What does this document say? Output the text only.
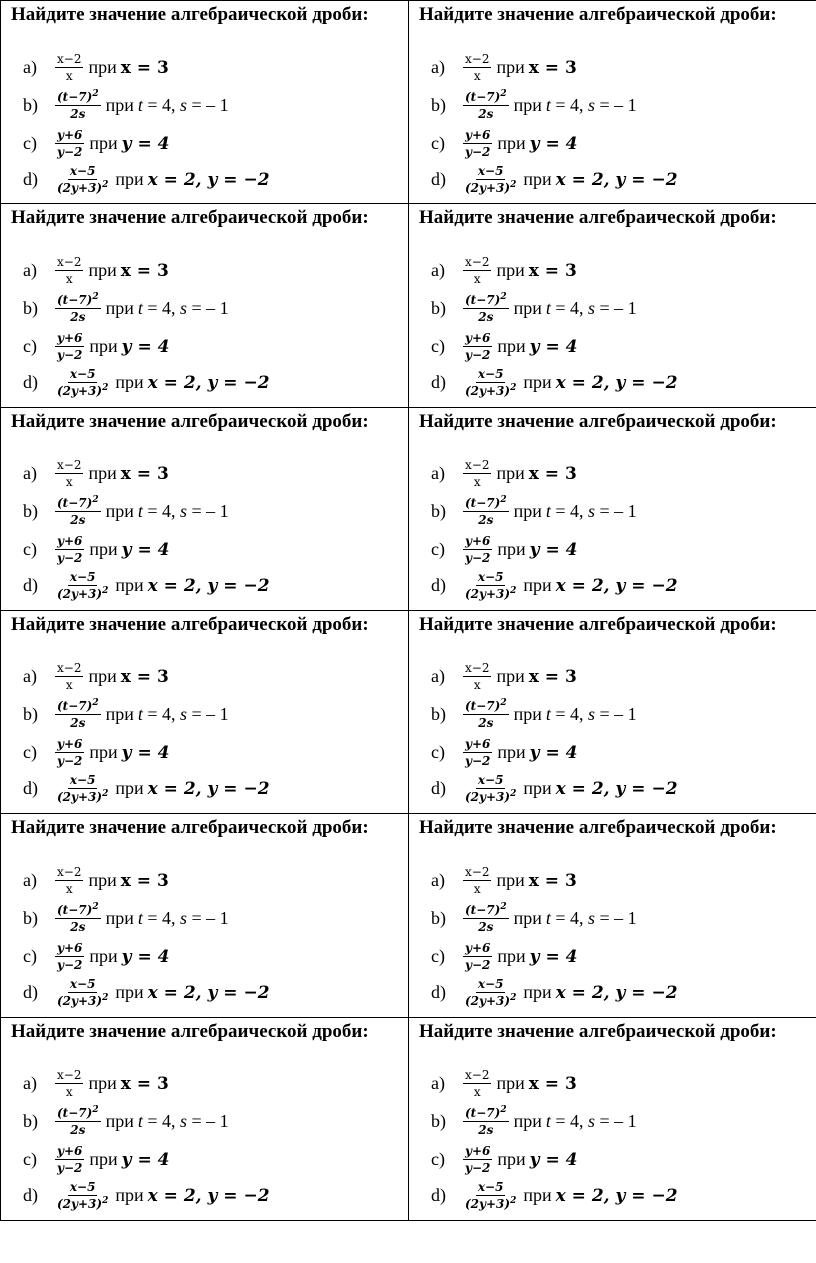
Найдите значение алгебраической дроби:

a)	$\frac{x-2}{x}$ при x = 3
b)	$\frac{(t-7)^2}{2s}$ при t = 4, s = – 1
c)	$\frac{y+6}{y-2}$ при y = 4
d)	$\frac{x-5}{(2y+3)^2}$ при x = 2, y = −2

Найдите значение алгебраической дроби:

a)	$\frac{x-2}{x}$ при x = 3
b)	$\frac{(t-7)^2}{2s}$ при t = 4, s = – 1
c)	$\frac{y+6}{y-2}$ при y = 4
d)	$\frac{x-5}{(2y+3)^2}$ при x = 2, y = −2

Найдите значение алгебраической дроби:

a)	$\frac{x-2}{x}$ при x = 3
b)	$\frac{(t-7)^2}{2s}$ при t = 4, s = – 1
c)	$\frac{y+6}{y-2}$ при y = 4
d)	$\frac{x-5}{(2y+3)^2}$ при x = 2, y = −2

Найдите значение алгебраической дроби:

a)	$\frac{x-2}{x}$ при x = 3
b)	$\frac{(t-7)^2}{2s}$ при t = 4, s = – 1
c)	$\frac{y+6}{y-2}$ при y = 4
d)	$\frac{x-5}{(2y+3)^2}$ при x = 2, y = −2

Найдите значение алгебраической дроби:

a)	$\frac{x-2}{x}$ при x = 3
b)	$\frac{(t-7)^2}{2s}$ при t = 4, s = – 1
c)	$\frac{y+6}{y-2}$ при y = 4
d)	$\frac{x-5}{(2y+3)^2}$ при x = 2, y = −2

Найдите значение алгебраической дроби:

a)	$\frac{x-2}{x}$ при x = 3
b)	$\frac{(t-7)^2}{2s}$ при t = 4, s = – 1
c)	$\frac{y+6}{y-2}$ при y = 4
d)	$\frac{x-5}{(2y+3)^2}$ при x = 2, y = −2

Найдите значение алгебраической дроби:

a)	$\frac{x-2}{x}$ при x = 3
b)	$\frac{(t-7)^2}{2s}$ при t = 4, s = – 1
c)	$\frac{y+6}{y-2}$ при y = 4
d)	$\frac{x-5}{(2y+3)^2}$ при x = 2, y = −2

Найдите значение алгебраической дроби:

a)	$\frac{x-2}{x}$ при x = 3
b)	$\frac{(t-7)^2}{2s}$ при t = 4, s = – 1
c)	$\frac{y+6}{y-2}$ при y = 4
d)	$\frac{x-5}{(2y+3)^2}$ при x = 2, y = −2

Найдите значение алгебраической дроби:

a)	$\frac{x-2}{x}$ при x = 3
b)	$\frac{(t-7)^2}{2s}$ при t = 4, s = – 1
c)	$\frac{y+6}{y-2}$ при y = 4
d)	$\frac{x-5}{(2y+3)^2}$ при x = 2, y = −2

Найдите значение алгебраической дроби:

a)	$\frac{x-2}{x}$ при x = 3
b)	$\frac{(t-7)^2}{2s}$ при t = 4, s = – 1
c)	$\frac{y+6}{y-2}$ при y = 4
d)	$\frac{x-5}{(2y+3)^2}$ при x = 2, y = −2

Найдите значение алгебраической дроби:

a)	$\frac{x-2}{x}$ при x = 3
b)	$\frac{(t-7)^2}{2s}$ при t = 4, s = – 1
c)	$\frac{y+6}{y-2}$ при y = 4
d)	$\frac{x-5}{(2y+3)^2}$ при x = 2, y = −2

Найдите значение алгебраической дроби:

a)	$\frac{x-2}{x}$ при x = 3
b)	$\frac{(t-7)^2}{2s}$ при t = 4, s = – 1
c)	$\frac{y+6}{y-2}$ при y = 4
d)	$\frac{x-5}{(2y+3)^2}$ при x = 2, y = −2
